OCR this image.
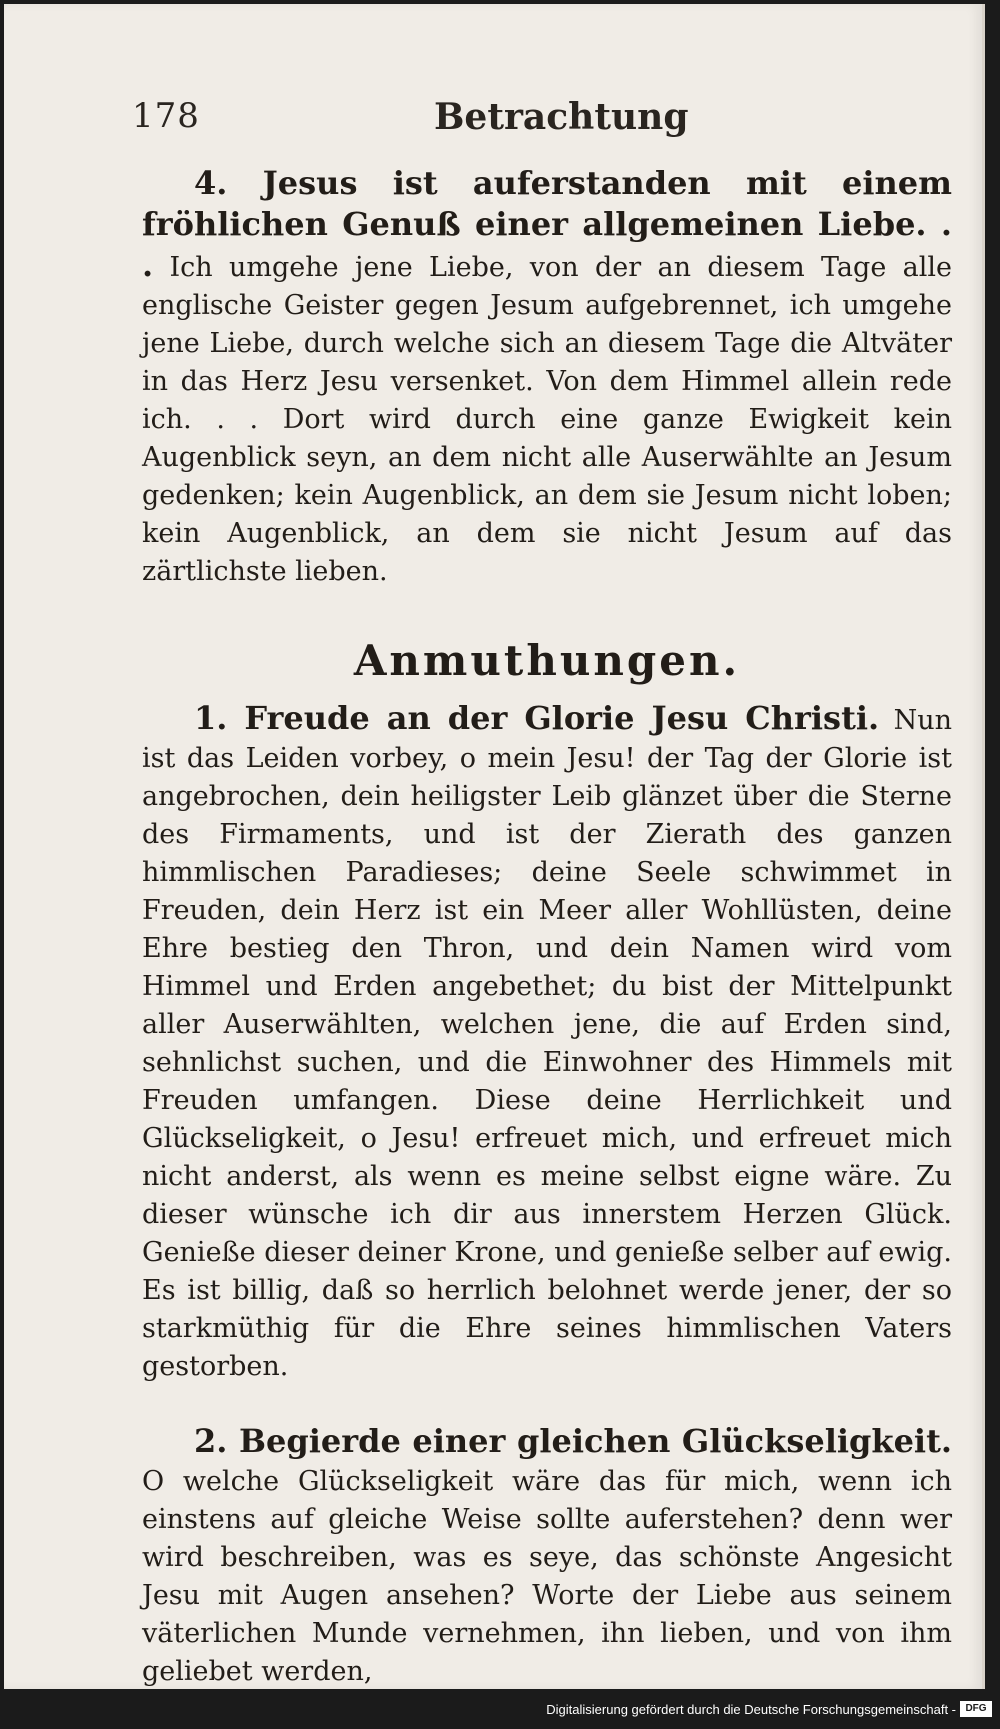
178	Betrachtung

4. Jesus ist auferstanden mit einem fröhlichen Genuß einer allgemeinen Liebe. . . Ich umgehe jene Liebe, von der an diesem Tage alle englische Geister gegen Jesum aufgebrennet, ich umgehe jene Liebe, durch welche sich an diesem Tage die Altväter in das Herz Jesu versenket. Von dem Himmel allein rede ich. . . Dort wird durch eine ganze Ewigkeit kein Augenblick seyn, an dem nicht alle Auserwählte an Jesum gedenken; kein Augenblick, an dem sie Jesum nicht loben; kein Augenblick, an dem sie nicht Jesum auf das zärtlichste lieben.

Anmuthungen.

1. Freude an der Glorie Jesu Christi. Nun ist das Leiden vorbey, o mein Jesu! der Tag der Glorie ist angebrochen, dein heiligster Leib glänzet über die Sterne des Firmaments, und ist der Zierath des ganzen himmlischen Paradieses; deine Seele schwimmet in Freuden, dein Herz ist ein Meer aller Wohllüsten, deine Ehre bestieg den Thron, und dein Namen wird vom Himmel und Erden angebethet; du bist der Mittelpunkt aller Auserwählten, welchen jene, die auf Erden sind, sehnlichst suchen, und die Einwohner des Himmels mit Freuden umfangen. Diese deine Herrlichkeit und Glückseligkeit, o Jesu! erfreuet mich, und erfreuet mich nicht anderst, als wenn es meine selbst eigne wäre. Zu dieser wünsche ich dir aus innerstem Herzen Glück. Genieße dieser deiner Krone, und genieße selber auf ewig. Es ist billig, daß so herrlich belohnet werde jener, der so starkmüthig für die Ehre seines himmlischen Vaters gestorben.

2. Begierde einer gleichen Glückseligkeit. O welche Glückseligkeit wäre das für mich, wenn ich einstens auf gleiche Weise sollte auferstehen? denn wer wird beschreiben, was es seye, das schönste Angesicht Jesu mit Augen ansehen? Worte der Liebe aus seinem väterlichen Munde vernehmen, ihn lieben, und von ihm geliebet werden,

Digitalisierung gefördert durch die Deutsche Forschungsgemeinschaft - DFG
